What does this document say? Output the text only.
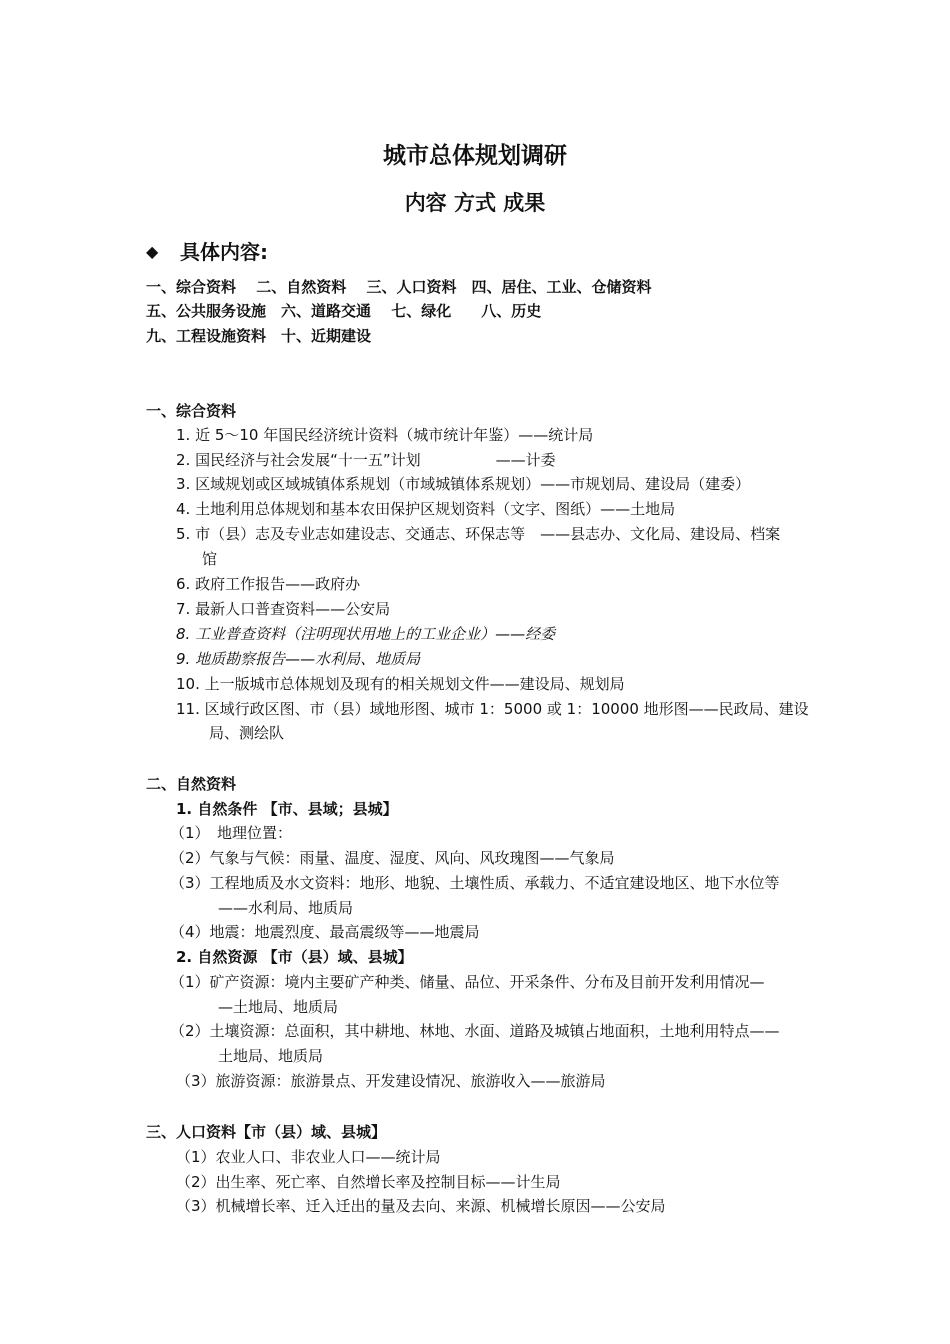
城市总体规划调研
内容 方式 成果
◆ 具体内容:
一、综合资料　 二、自然资料　 三、人口资料　四、居住、工业、仓储资料
五、公共服务设施　六、道路交通　 七、绿化　　八、历史
九、工程设施资料　十、近期建设
一、综合资料
1. 近 5～10 年国民经济统计资料（城市统计年鉴）——统计局
2. 国民经济与社会发展“十一五”计划　　　　　——计委
3. 区域规划或区域城镇体系规划（市域城镇体系规划）——市规划局、建设局（建委）
4. 土地利用总体规划和基本农田保护区规划资料（文字、图纸）——土地局
5. 市（县）志及专业志如建设志、交通志、环保志等　——县志办、文化局、建设局、档案
馆
6. 政府工作报告——政府办
7. 最新人口普查资料——公安局
8. 工业普查资料（注明现状用地上的工业企业）——经委
9. 地质勘察报告——水利局、地质局
10. 上一版城市总体规划及现有的相关规划文件——建设局、规划局
11. 区域行政区图、市（县）域地形图、城市 1：5000 或 1：10000 地形图——民政局、建设
局、测绘队
二、自然资料
1. 自然条件 【市、县域；县城】
（1）　地理位置：
（2）气象与气候：雨量、温度、湿度、风向、风玫瑰图——气象局
（3）工程地质及水文资料：地形、地貌、土壤性质、承载力、不适宜建设地区、地下水位等
——水利局、地质局
（4）地震：地震烈度、最高震级等——地震局
2. 自然资源 【市（县）域、县城】
（1）矿产资源：境内主要矿产种类、储量、品位、开采条件、分布及目前开发利用情况—
—土地局、地质局
（2）土壤资源：总面积，其中耕地、林地、水面、道路及城镇占地面积，土地利用特点——
土地局、地质局
（3）旅游资源：旅游景点、开发建设情况、旅游收入——旅游局
三、人口资料【市（县）域、县城】
（1）农业人口、非农业人口——统计局
（2）出生率、死亡率、自然增长率及控制目标——计生局
（3）机械增长率、迁入迁出的量及去向、来源、机械增长原因——公安局
